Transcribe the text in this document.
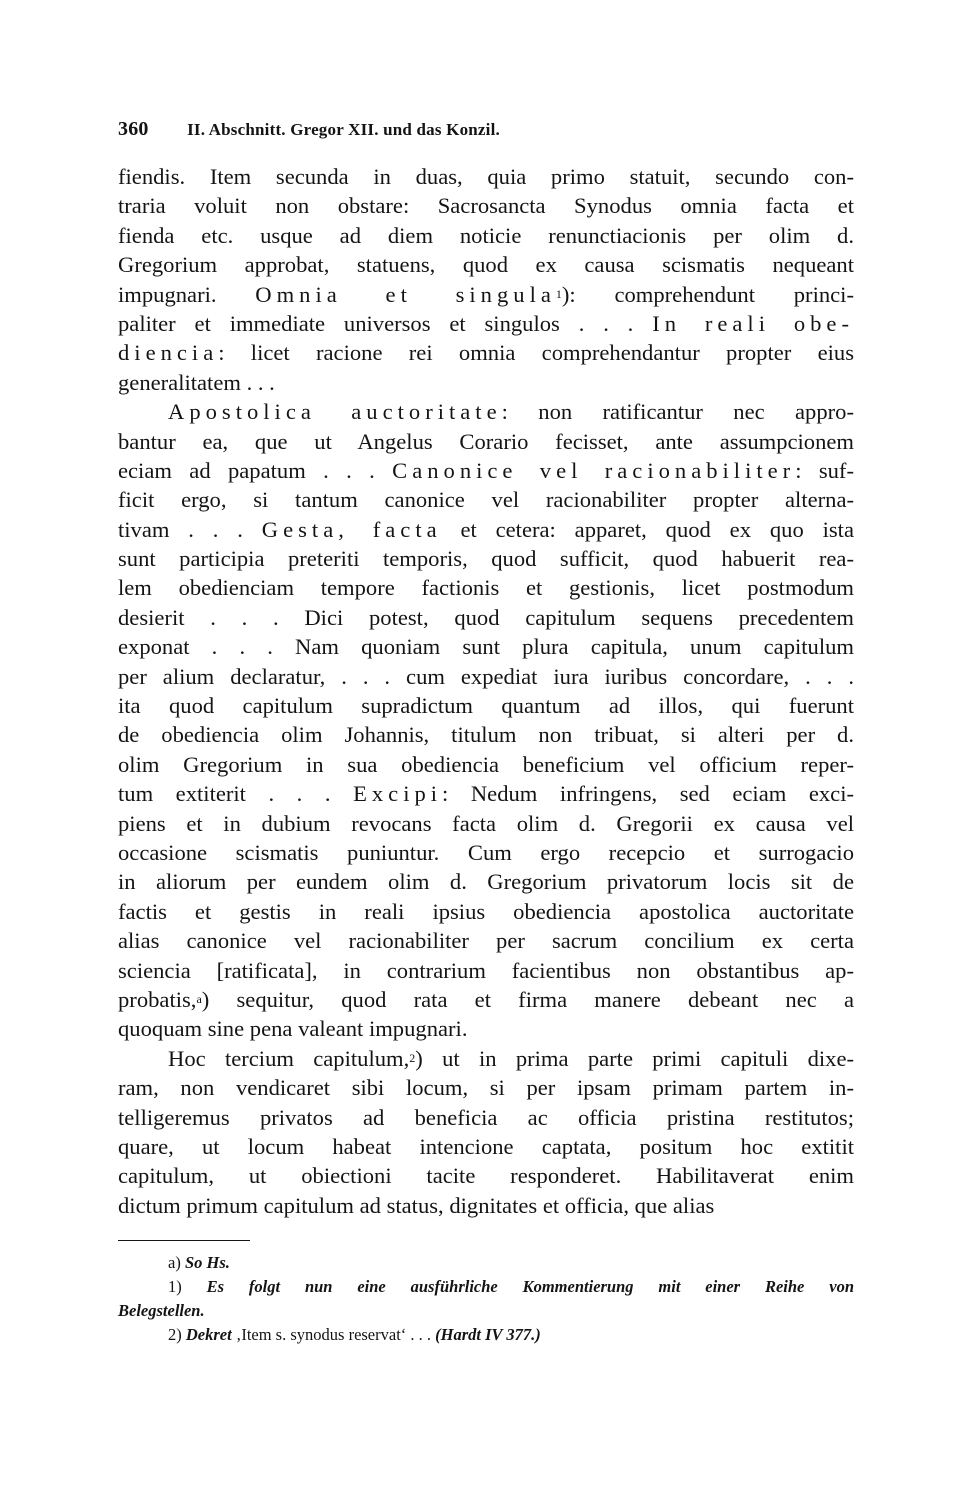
360 II. Abschnitt. Gregor XII. und das Konzil.
fiendis. Item secunda in duas, quia primo statuit, secundo con-
traria voluit non obstare: Sacrosancta Synodus omnia facta et
fienda etc. usque ad diem noticie renunctiacionis per olim d.
Gregorium approbat, statuens, quod ex causa scismatis nequeant
impugnari. Omnia et singula1): comprehendunt princi-
paliter et immediate universos et singulos . . . In reali obe-
diencia: licet racione rei omnia comprehendantur propter eius
generalitatem . . .
Apostolica auctoritate: non ratificantur nec appro-
bantur ea, que ut Angelus Corario fecisset, ante assumpcionem
eciam ad papatum . . . Canonice vel racionabiliter: suf-
ficit ergo, si tantum canonice vel racionabiliter propter alterna-
tivam . . . Gesta, facta et cetera: apparet, quod ex quo ista
sunt participia preteriti temporis, quod sufficit, quod habuerit rea-
lem obedienciam tempore factionis et gestionis, licet postmodum
desierit . . . Dici potest, quod capitulum sequens precedentem
exponat . . . Nam quoniam sunt plura capitula, unum capitulum
per alium declaratur, . . . cum expediat iura iuribus concordare, . . .
ita quod capitulum supradictum quantum ad illos, qui fuerunt
de obediencia olim Johannis, titulum non tribuat, si alteri per d.
olim Gregorium in sua obediencia beneficium vel officium reper-
tum extiterit . . . Excipi: Nedum infringens, sed eciam exci-
piens et in dubium revocans facta olim d. Gregorii ex causa vel
occasione scismatis puniuntur. Cum ergo recepcio et surrogacio
in aliorum per eundem olim d. Gregorium privatorum locis sit de
factis et gestis in reali ipsius obediencia apostolica auctoritate
alias canonice vel racionabiliter per sacrum concilium ex certa
sciencia [ratificata], in contrarium facientibus non obstantibus ap-
probatis,a) sequitur, quod rata et firma manere debeant nec a
quoquam sine pena valeant impugnari.
Hoc tercium capitulum,2) ut in prima parte primi capituli dixe-
ram, non vendicaret sibi locum, si per ipsam primam partem in-
telligeremus privatos ad beneficia ac officia pristina restitutos;
quare, ut locum habeat intencione captata, positum hoc extitit
capitulum, ut obiectioni tacite responderet. Habilitaverat enim
dictum primum capitulum ad status, dignitates et officia, que alias
a) So Hs.
1) Es folgt nun eine ausführliche Kommentierung mit einer Reihe von
Belegstellen.
2) Dekret ‚Item s. synodus reservat‘ . . . (Hardt IV 377.)
